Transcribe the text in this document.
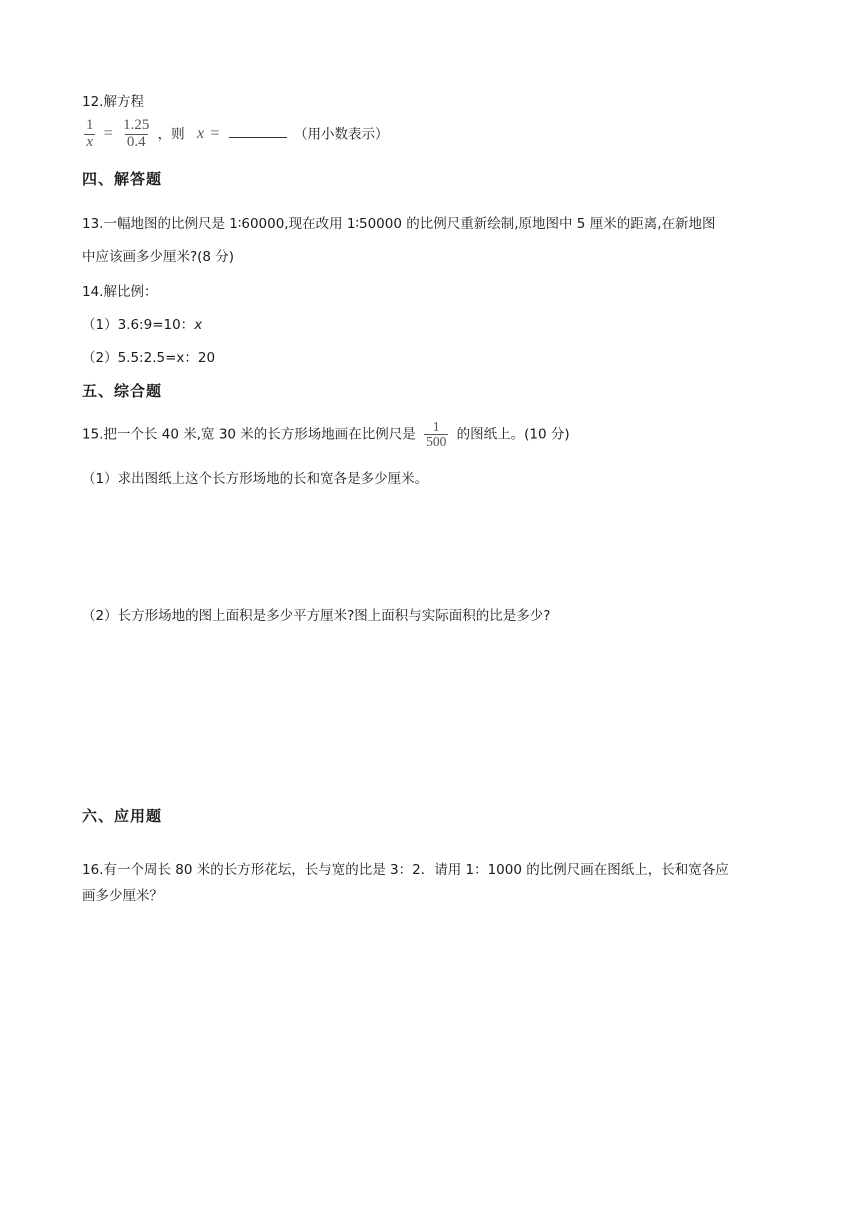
12.解方程
$\frac{1}{x} = \frac{1.25}{0.4}$ ，则 x =	（用小数表示）
四、解答题
13.一幅地图的比例尺是 1∶60000,现在改用 1∶50000 的比例尺重新绘制,原地图中 5 厘米的距离,在新地图
中应该画多少厘米?(8 分)
14.解比例：
（1）3.6:9=10：x
（2）5.5:2.5=x：20
五、综合题
15.把一个长 40 米,宽 30 米的长方形场地画在比例尺是 $\frac{1}{500}$ 的图纸上。(10 分)
（1）求出图纸上这个长方形场地的长和宽各是多少厘米。
（2）长方形场地的图上面积是多少平方厘米?图上面积与实际面积的比是多少?
六、应用题
16.有一个周长 80 米的长方形花坛，长与宽的比是 3：2．请用 1：1000 的比例尺画在图纸上，长和宽各应
画多少厘米？
